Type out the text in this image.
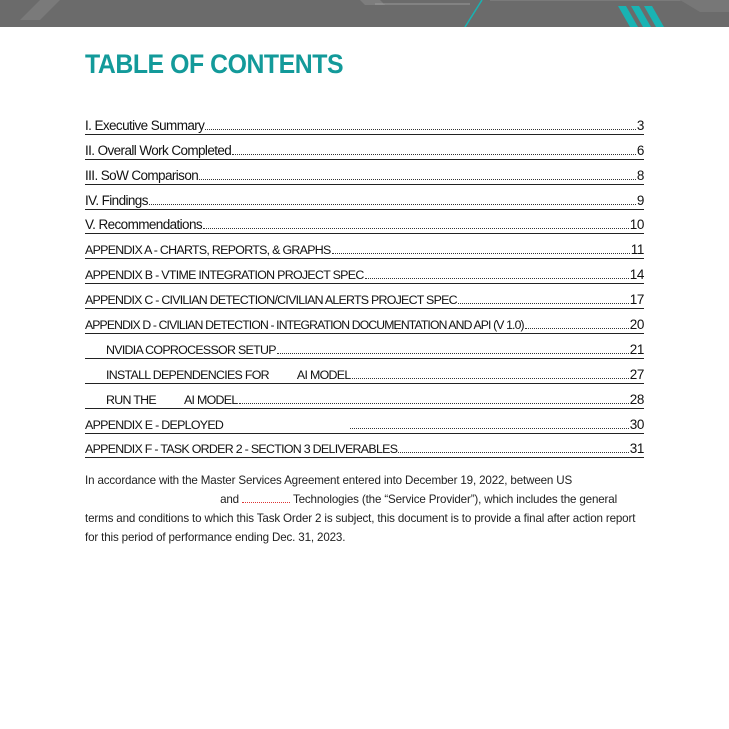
TABLE OF CONTENTS
I. Executive Summary	3
II. Overall Work Completed	6
III. SoW Comparison	8
IV. Findings	9
V. Recommendations	10
APPENDIX A - CHARTS, REPORTS, & GRAPHS	11
APPENDIX B - VTIME INTEGRATION PROJECT SPEC	14
APPENDIX C - CIVILIAN DETECTION/CIVILIAN ALERTS PROJECT SPEC	17
APPENDIX D - CIVILIAN DETECTION - INTEGRATION DOCUMENTATION AND API (V 1.0)	20
NVIDIA COPROCESSOR SETUP	21
INSTALL DEPENDENCIES FOR AI MODEL	27
RUN THE AI MODEL	28
APPENDIX E - DEPLOYED	30
APPENDIX F - TASK ORDER 2 - SECTION 3 DELIVERABLES	31

In accordance with the Master Services Agreement entered into December 19, 2022, between US  and	Technologies (the “Service Provider”), which includes the general terms and conditions to which this Task Order 2 is subject, this document is to provide a final after action report for this period of performance ending Dec. 31, 2023.
